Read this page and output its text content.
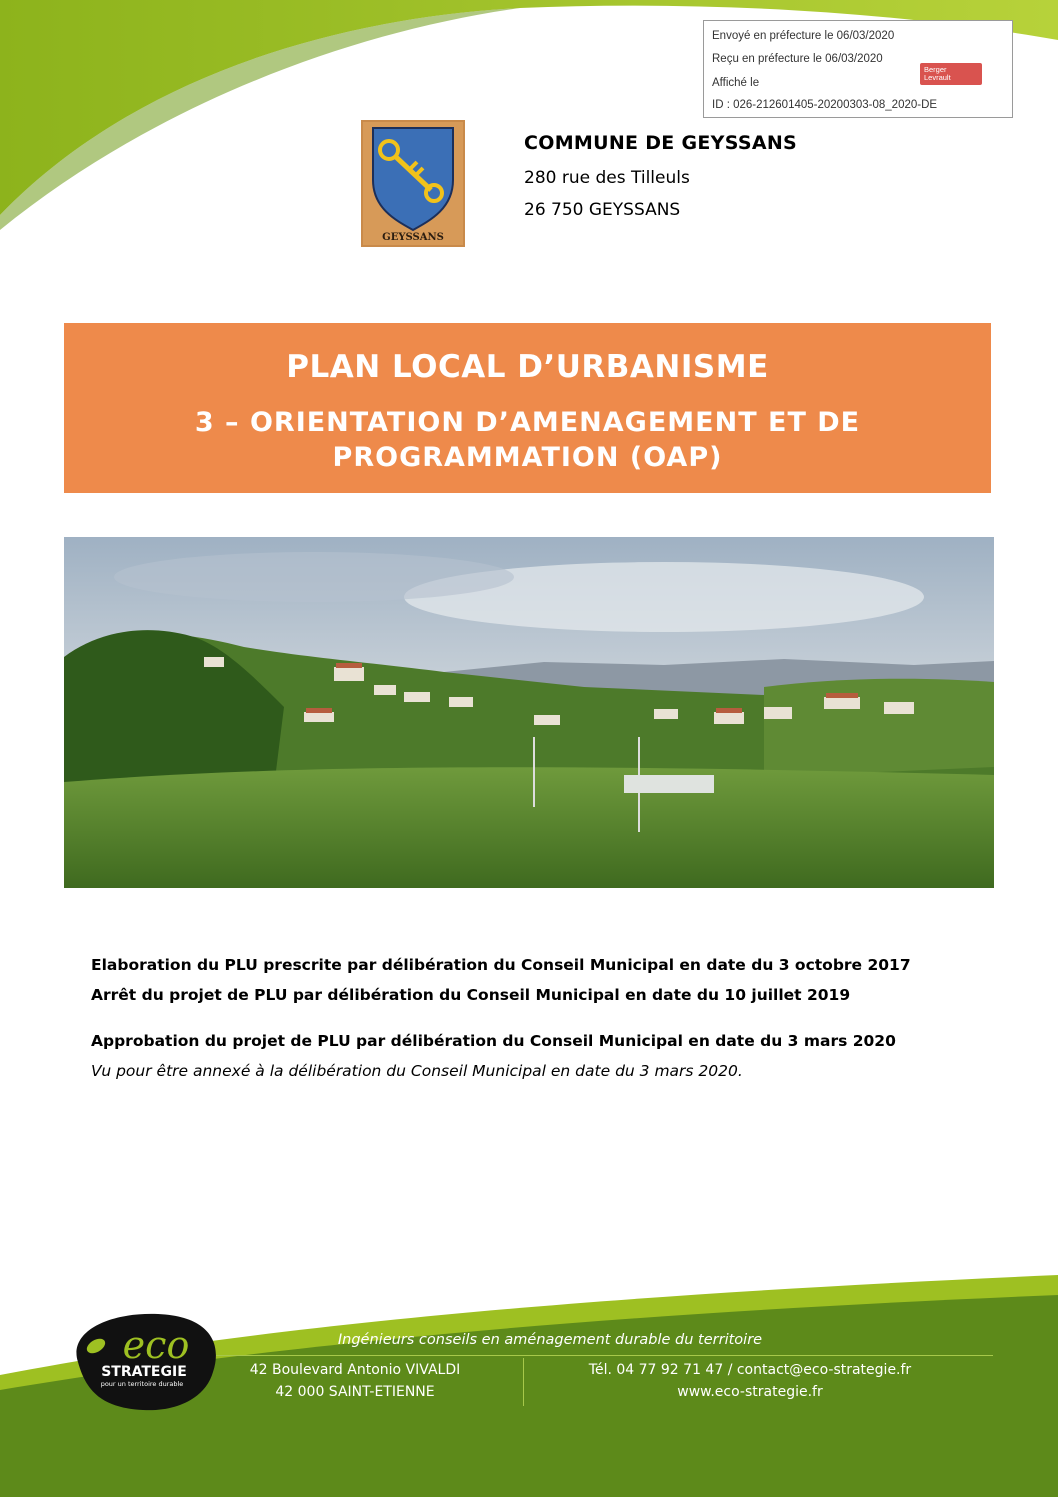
Envoyé en préfecture le 06/03/2020
Reçu en préfecture le 06/03/2020
Affiché le
ID : 026-212601405-20200303-08_2020-DE
Berger
Levrault
GEYSSANS
COMMUNE DE GEYSSANS
280 rue des Tilleuls
26 750 GEYSSANS
PLAN LOCAL D’URBANISME
3 – ORIENTATION D’AMENAGEMENT ET DE PROGRAMMATION (OAP)
Elaboration du PLU prescrite par délibération du Conseil Municipal en date du 3 octobre 2017
Arrêt du projet de PLU par délibération du Conseil Municipal en date du 10 juillet 2019
Approbation du projet de PLU par délibération du Conseil Municipal en date du 3 mars 2020
Vu pour être annexé à la délibération du Conseil Municipal en date du 3 mars 2020.
Ingénieurs conseils en aménagement durable du territoire
42 Boulevard Antonio VIVALDI
42 000 SAINT-ETIENNE
Tél. 04 77 92 71 47 / contact@eco-strategie.fr
www.eco-strategie.fr
eco
STRATEGIE
pour un territoire durable
